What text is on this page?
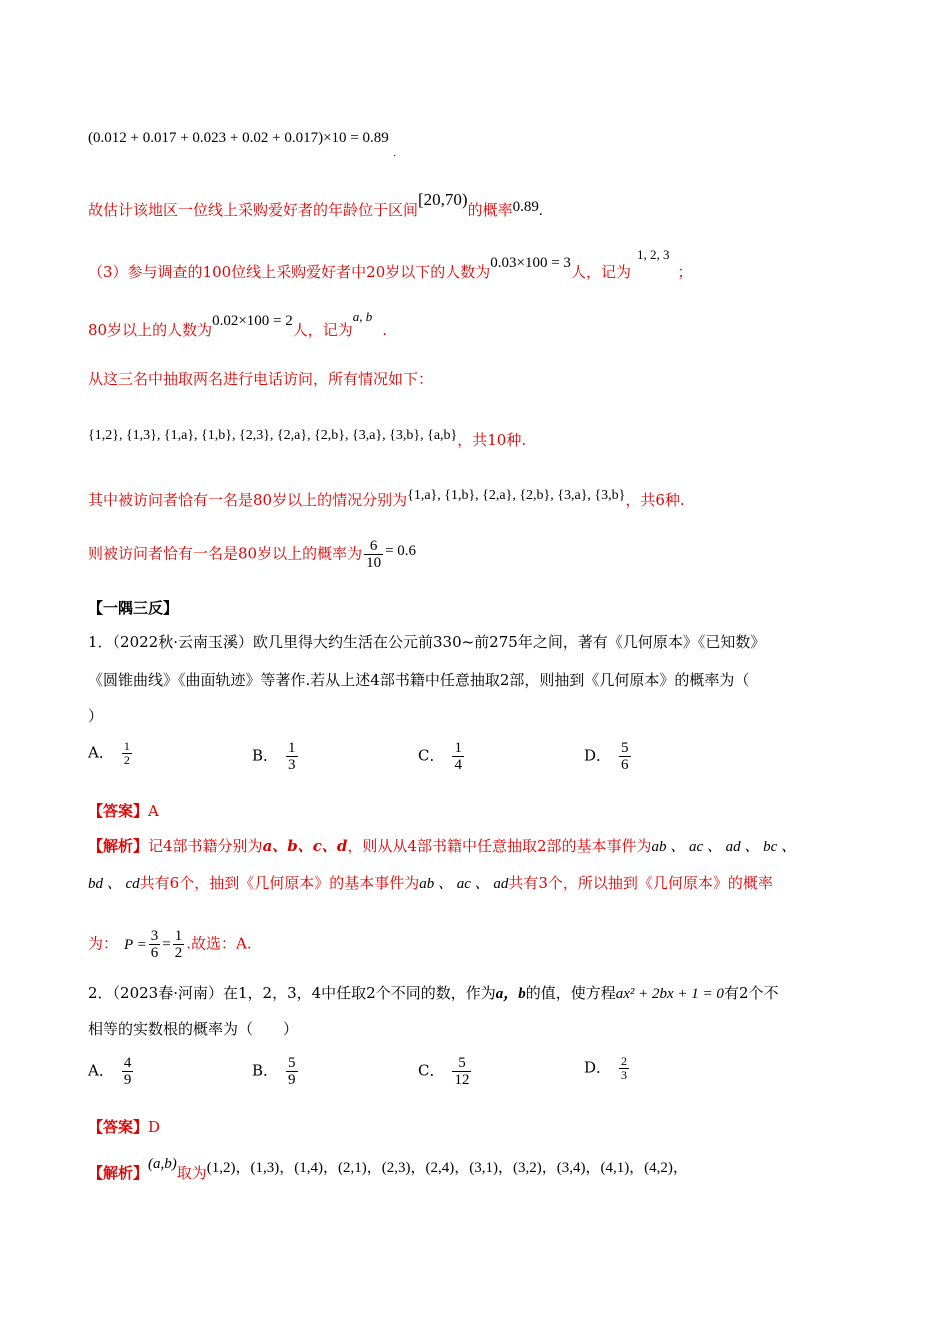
(0.012 + 0.017 + 0.023 + 0.02 + 0.017)×10 = 0.89 $_.$
故估计该地区一位线上采购爱好者的年龄位于区间[20,70)的概率0.89.
（3）参与调查的100位线上采购爱好者中20岁以下的人数为0.03×100 = 3人，记为1, 2, 3；
80岁以上的人数为0.02×100 = 2人，记为a, b.
从这三名中抽取两名进行电话访问，所有情况如下：
{1,2}, {1,3}, {1,a}, {1,b}, {2,3}, {2,a}, {2,b}, {3,a}, {3,b}, {a,b}，共10种.
其中被访问者恰有一名是80岁以上的情况分别为{1,a}, {1,b}, {2,a}, {2,b}, {3,a}, {3,b}，共6种.
则被访问者恰有一名是80岁以上的概率为 $\frac{6}{10} = 0.6$
【一隅三反】
1．（2022秋·云南玉溪）欧几里得大约生活在公元前330~前275年之间，著有《几何原本》《已知数》
《圆锥曲线》《曲面轨迹》等著作.若从上述4部书籍中任意抽取2部，则抽到《几何原本》的概率为（
）
A． $\frac{1}{2}$	B． $\frac{1}{3}$	C． $\frac{1}{4}$	D． $\frac{5}{6}$
【答案】A
【解析】记4部书籍分别为a、b、c、d，则从从4部书籍中任意抽取2部的基本事件为ab 、 ac 、 ad 、 bc 、
bd 、 cd共有6个，抽到《几何原本》的基本事件为ab 、 ac 、 ad共有3个，所以抽到《几何原本》的概率
为： $P = \frac{3}{6} = \frac{1}{2}$ .故选：A.
2．（2023春·河南）在1，2，3，4中任取2个不同的数，作为a，b的值，使方程ax² + 2bx + 1 = 0有2个不
相等的实数根的概率为（　　）
A． $\frac{4}{9}$	B． $\frac{5}{9}$	C． $\frac{5}{12}$	D． $\frac{2}{3}$
【答案】D
【解析】(a,b)取为(1,2)，(1,3)，(1,4)，(2,1)，(2,3)，(2,4)，(3,1)，(3,2)，(3,4)，(4,1)，(4,2)，
